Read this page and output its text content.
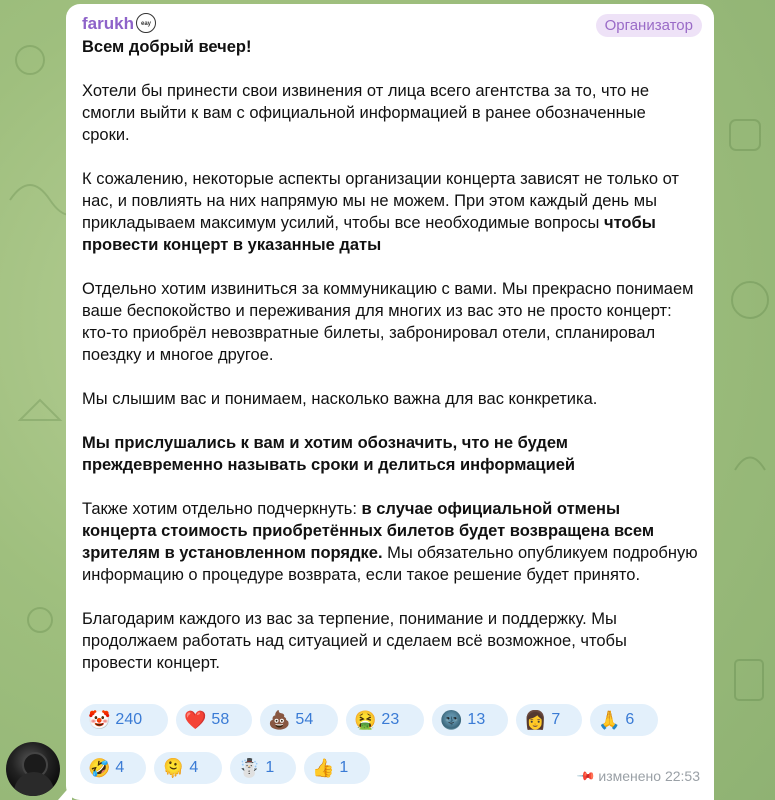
farukh	eay	Организатор

Всем добрый вечер!

Хотели бы принести свои извинения от лица всего агентства за то, что не смогли выйти к вам с официальной информацией в ранее обозначенные сроки.

К сожалению, некоторые аспекты организации концерта зависят не только от нас, и повлиять на них напрямую мы не можем. При этом каждый день мы прикладываем максимум усилий, чтобы все необходимые вопросы чтобы провести концерт в указанные даты

Отдельно хотим извиниться за коммуникацию с вами. Мы прекрасно понимаем ваше беспокойство и переживания для многих из вас это не просто концерт: кто-то приобрёл невозвратные билеты, забронировал отели, спланировал поездку и многое другое.

Мы слышим вас и понимаем, насколько важна для вас конкретика.

Мы прислушались к вам и хотим обозначить, что не будем преждевременно называть сроки и делиться информацией

Также хотим отдельно подчеркнуть: в случае официальной отмены концерта стоимость приобретённых билетов будет возвращена всем зрителям в установленном порядке. Мы обязательно опубликуем подробную информацию о процедуре возврата, если такое решение будет принято.

Благодарим каждого из вас за терпение, понимание и поддержку. Мы продолжаем работать над ситуацией и сделаем всё возможное, чтобы провести концерт.

🤡 240 ❤️ 58 💩 54 🤮 23 🌚 13 👩 7 🙏 6
🤣 4 🫠 4 ☃️ 1 👍 1	📌 изменено
22:53
